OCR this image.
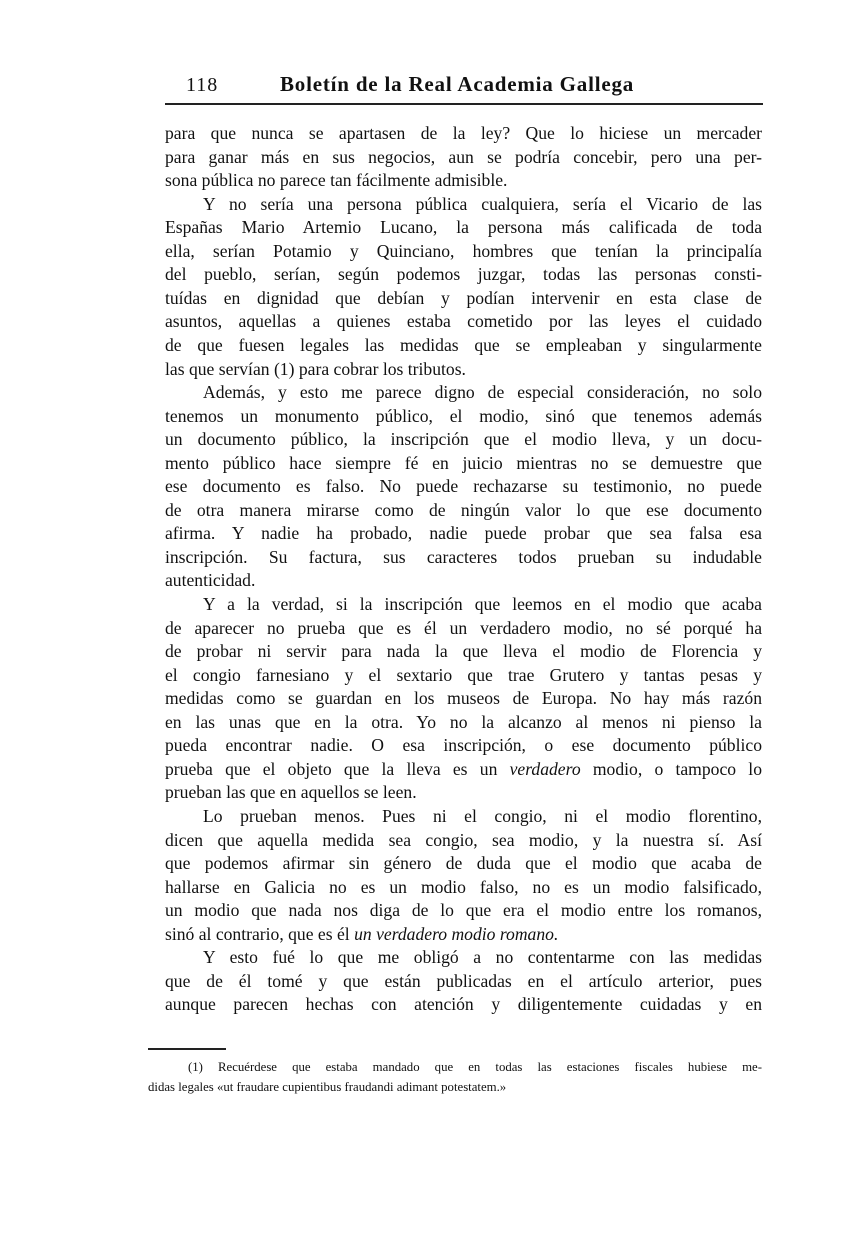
118	Boletín de la Real Academia Gallega
para que nunca se apartasen de la ley? Que lo hiciese un mercader
para ganar más en sus negocios, aun se podría concebir, pero una per-
sona pública no parece tan fácilmente admisible.
Y no sería una persona pública cualquiera, sería el Vicario de las
Españas Mario Artemio Lucano, la persona más calificada de toda
ella, serían Potamio y Quinciano, hombres que tenían la principalía
del pueblo, serían, según podemos juzgar, todas las personas consti-
tuídas en dignidad que debían y podían intervenir en esta clase de
asuntos, aquellas a quienes estaba cometido por las leyes el cuidado
de que fuesen legales las medidas que se empleaban y singularmente
las que servían (1) para cobrar los tributos.
Además, y esto me parece digno de especial consideración, no solo
tenemos un monumento público, el modio, sinó que tenemos además
un documento público, la inscripción que el modio lleva, y un docu-
mento público hace siempre fé en juicio mientras no se demuestre que
ese documento es falso. No puede rechazarse su testimonio, no puede
de otra manera mirarse como de ningún valor lo que ese documento
afirma. Y nadie ha probado, nadie puede probar que sea falsa esa
inscripción. Su factura, sus caracteres todos prueban su indudable
autenticidad.
Y a la verdad, si la inscripción que leemos en el modio que acaba
de aparecer no prueba que es él un verdadero modio, no sé porqué ha
de probar ni servir para nada la que lleva el modio de Florencia y
el congio farnesiano y el sextario que trae Grutero y tantas pesas y
medidas como se guardan en los museos de Europa. No hay más razón
en las unas que en la otra. Yo no la alcanzo al menos ni pienso la
pueda encontrar nadie. O esa inscripción, o ese documento público
prueba que el objeto que la lleva es un verdadero modio, o tampoco lo
prueban las que en aquellos se leen.
Lo prueban menos. Pues ni el congio, ni el modio florentino,
dicen que aquella medida sea congio, sea modio, y la nuestra sí. Así
que podemos afirmar sin género de duda que el modio que acaba de
hallarse en Galicia no es un modio falso, no es un modio falsificado,
un modio que nada nos diga de lo que era el modio entre los romanos,
sinó al contrario, que es él un verdadero modio romano.
Y esto fué lo que me obligó a no contentarme con las medidas
que de él tomé y que están publicadas en el artículo arterior, pues
aunque parecen hechas con atención y diligentemente cuidadas y en
(1) Recuérdese que estaba mandado que en todas las estaciones fiscales hubiese me-
didas legales «ut fraudare cupientibus fraudandi adimant potestatem.»
